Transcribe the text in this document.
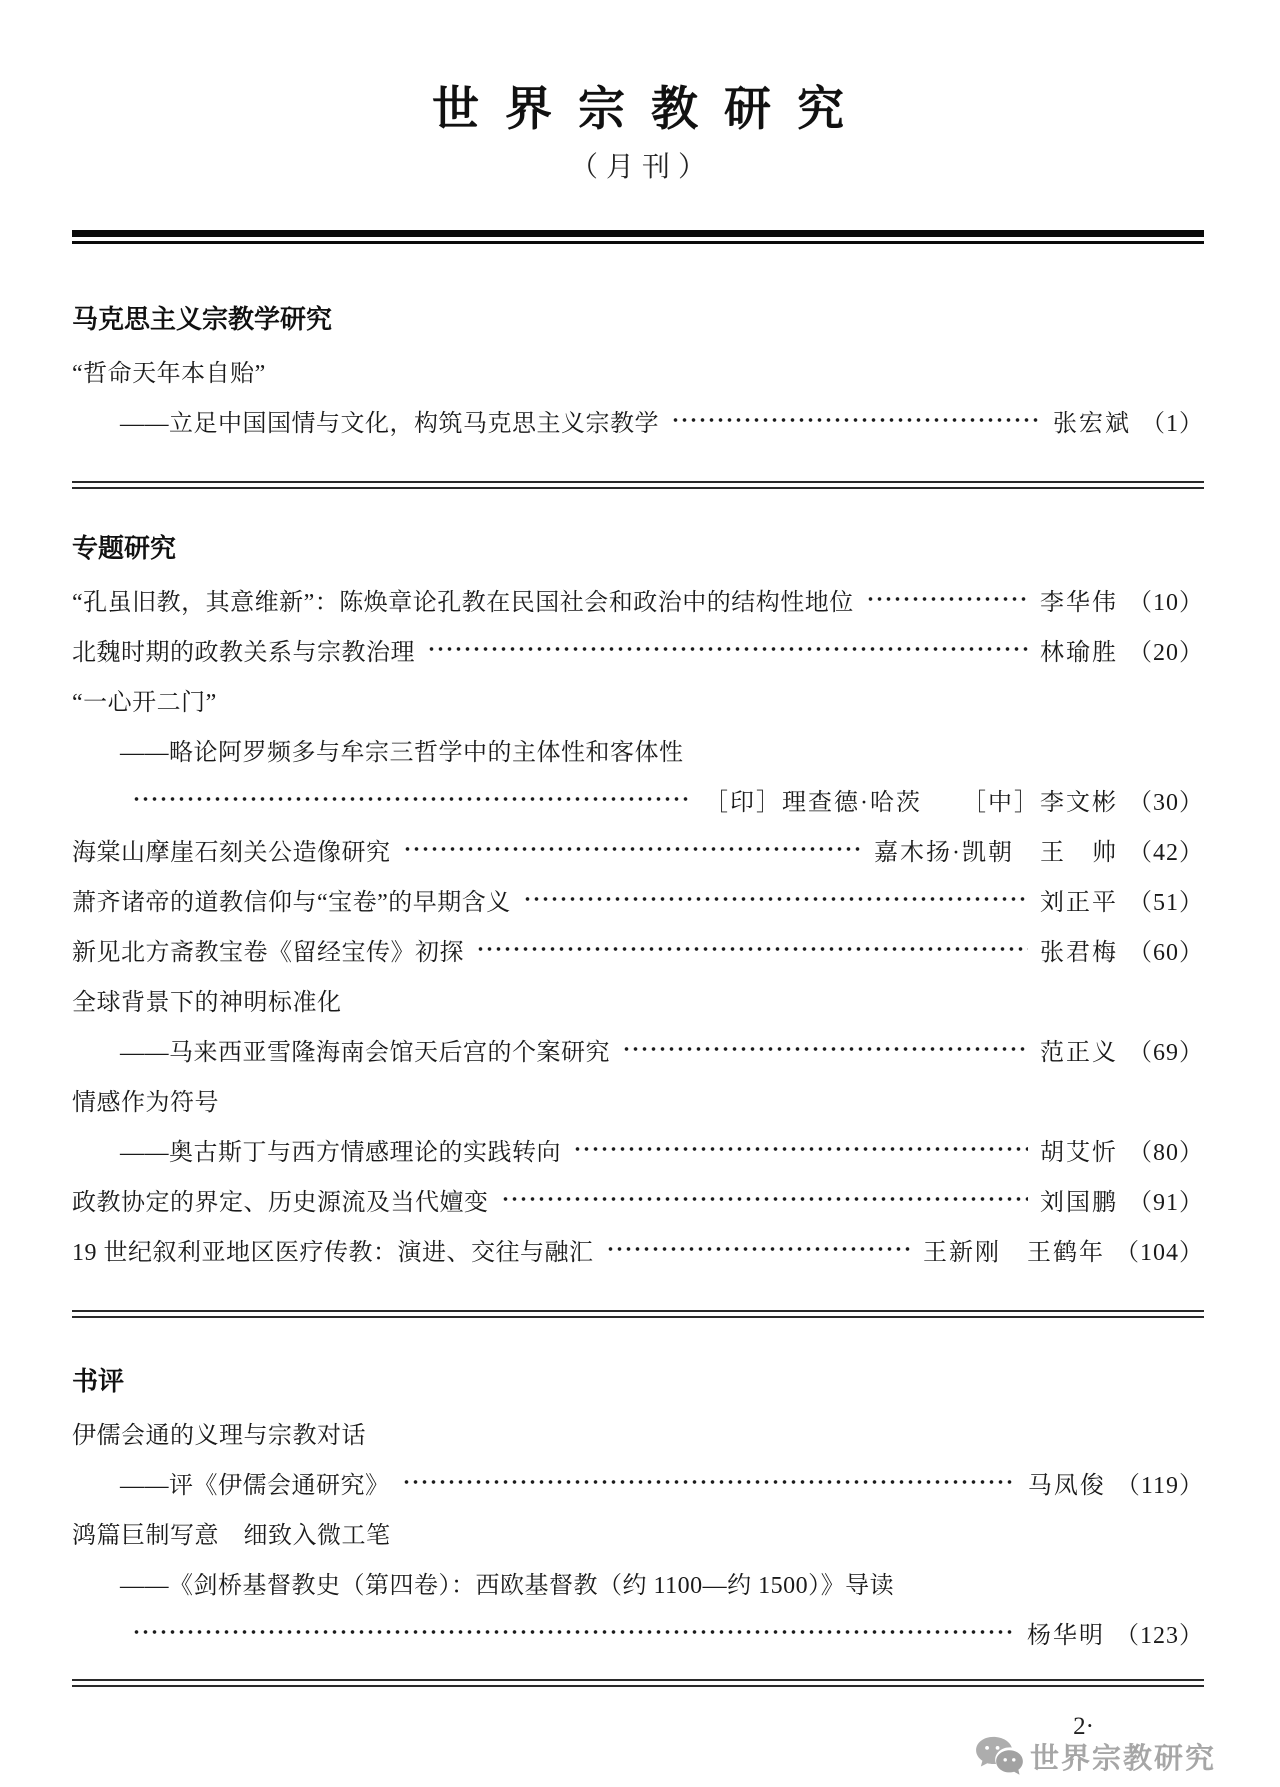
世界宗教研究
（月刊）
马克思主义宗教学研究
“哲命天年本自贻”
——立足中国国情与文化，构筑马克思主义宗教学	张宏斌 （1）
专题研究
“孔虽旧教，其意维新”：陈焕章论孔教在民国社会和政治中的结构性地位	李华伟 （10）
北魏时期的政教关系与宗教治理	林瑜胜 （20）
“一心开二门”
——略论阿罗频多与牟宗三哲学中的主体性和客体性
［印］理查德·哈茨　　［中］李文彬 （30）
海棠山摩崖石刻关公造像研究	嘉木扬·凯朝　王　帅 （42）
萧齐诸帝的道教信仰与“宝卷”的早期含义	刘正平 （51）
新见北方斋教宝卷《留经宝传》初探	张君梅 （60）
全球背景下的神明标准化
——马来西亚雪隆海南会馆天后宫的个案研究	范正义 （69）
情感作为符号
——奥古斯丁与西方情感理论的实践转向	胡艾忻 （80）
政教协定的界定、历史源流及当代嬗变	刘国鹏 （91）
19 世纪叙利亚地区医疗传教：演进、交往与融汇	王新刚　王鹤年 （104）
书评
伊儒会通的义理与宗教对话
——评《伊儒会通研究》	马凤俊 （119）
鸿篇巨制写意　细致入微工笔
——《剑桥基督教史（第四卷）：西欧基督教（约 1100—约 1500）》导读
杨华明 （123）
2·
世界宗教研究
